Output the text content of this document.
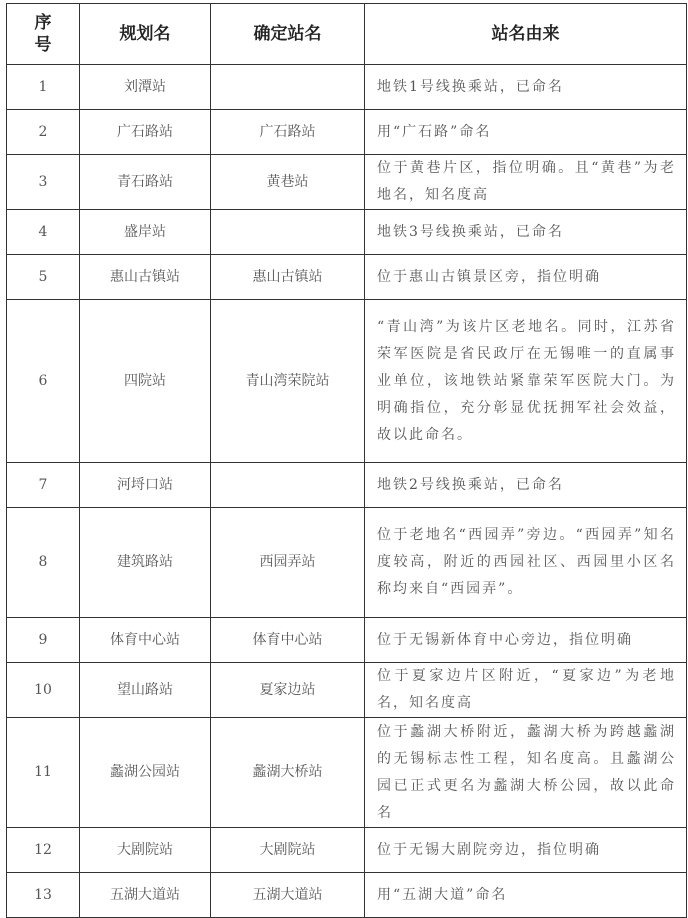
序
号	规划名	确定站名	站名由来
1	刘潭站		地铁1号线换乘站，已命名
2	广石路站	广石路站	用“广石路”命名
3	青石路站	黄巷站	位于黄巷片区，指位明确。且“黄巷”为老地名，知名度高
4	盛岸站		地铁3号线换乘站，已命名
5	惠山古镇站	惠山古镇站	位于惠山古镇景区旁，指位明确
6	四院站	青山湾荣院站	“青山湾”为该片区老地名。同时，江苏省荣军医院是省民政厅在无锡唯一的直属事业单位，该地铁站紧靠荣军医院大门。为明确指位，充分彰显优抚拥军社会效益，故以此命名。
7	河埒口站		地铁2号线换乘站，已命名
8	建筑路站	西园弄站	位于老地名“西园弄”旁边。“西园弄”知名度较高，附近的西园社区、西园里小区名称均来自“西园弄”。
9	体育中心站	体育中心站	位于无锡新体育中心旁边，指位明确
10	望山路站	夏家边站	位于夏家边片区附近，“夏家边”为老地名，知名度高
11	蠡湖公园站	蠡湖大桥站	位于蠡湖大桥附近，蠡湖大桥为跨越蠡湖的无锡标志性工程，知名度高。且蠡湖公园已正式更名为蠡湖大桥公园，故以此命名
12	大剧院站	大剧院站	位于无锡大剧院旁边，指位明确
13	五湖大道站	五湖大道站	用“五湖大道”命名
